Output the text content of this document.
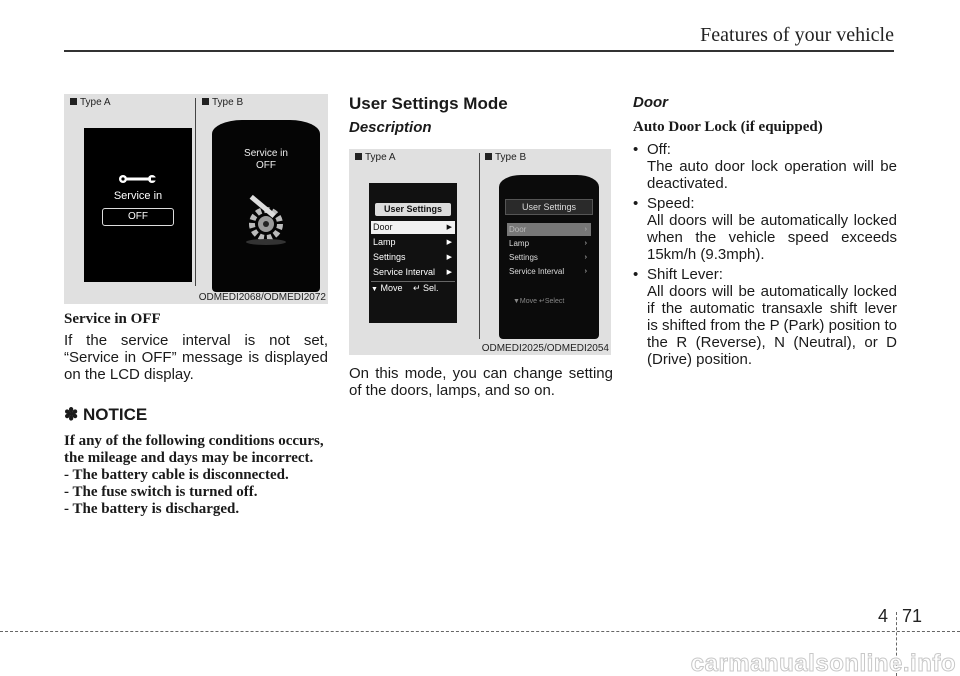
Features of your vehicle
Type A	Type B
Service in
OFF
Service in
OFF
ODMEDI2068/ODMEDI2072
Service in OFF
If the service interval is not set, “Service in OFF” message is displayed on the LCD display.
✽ NOTICE
If any of the following conditions occurs, the mileage and days may be incorrect.
- The battery cable is disconnected.
- The fuse switch is turned off.
- The battery is discharged.
User Settings Mode
Description
Type A	Type B
User Settings
Door	▶
Lamp	▶
Settings	▶
Service Interval ▶
▼ Move ↵ Sel.
User Settings
Door	›
Lamp	›
Settings	›
Service Interval	›
▼Move ↵Select
ODMEDI2025/ODMEDI2054
On this mode, you can change setting of the doors, lamps, and so on.
Door
Auto Door Lock (if equipped)
• Off:
The auto door lock operation will be deactivated.
• Speed:
All doors will be automatically locked when the vehicle speed exceeds 15km/h (9.3mph).
• Shift Lever:
All doors will be automatically locked if the automatic transaxle shift lever is shifted from the P (Park) position to the R (Reverse), N (Neutral), or D (Drive) position.
4 71
carmanualsonline.info
